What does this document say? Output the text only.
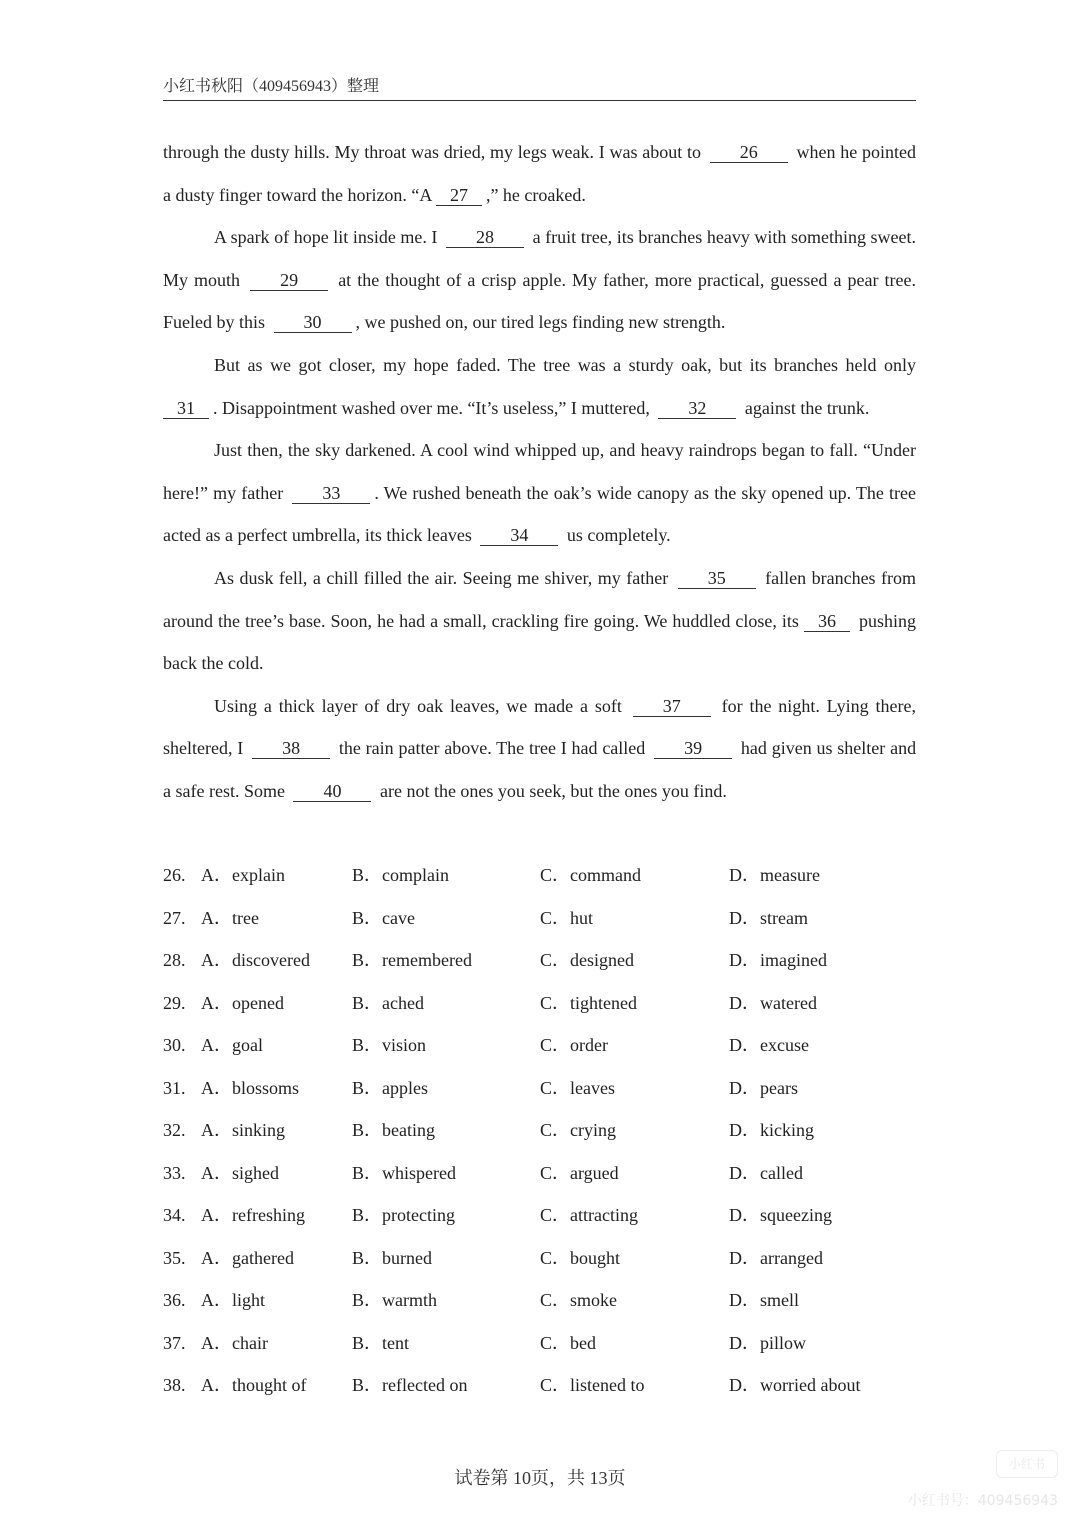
小红书秋阳（409456943）整理

through the dusty hills. My throat was dried, my legs weak. I was about to 26 when he pointed a dusty finger toward the horizon. “A 27 ,” he croaked.

A spark of hope lit inside me. I 28 a fruit tree, its branches heavy with something sweet. My mouth 29 at the thought of a crisp apple. My father, more practical, guessed a pear tree. Fueled by this 30 , we pushed on, our tired legs finding new strength.

But as we got closer, my hope faded. The tree was a sturdy oak, but its branches held only 31 . Disappointment washed over me. “It’s useless,” I muttered, 32 against the trunk.

Just then, the sky darkened. A cool wind whipped up, and heavy raindrops began to fall. “Under here!” my father 33 . We rushed beneath the oak’s wide canopy as the sky opened up. The tree acted as a perfect umbrella, its thick leaves 34 us completely.

As dusk fell, a chill filled the air. Seeing me shiver, my father 35 fallen branches from around the tree’s base. Soon, he had a small, crackling fire going. We huddled close, its 36 pushing back the cold.

Using a thick layer of dry oak leaves, we made a soft 37 for the night. Lying there, sheltered, I 38 the rain patter above. The tree I had called 39 had given us shelter and a safe rest. Some 40 are not the ones you seek, but the ones you find.

26. A．explain	B．complain	C．command	D．measure
27. A．tree	B．cave	C．hut	D．stream
28. A．discovered B．remembered	C．designed	D．imagined
29. A．opened	B．ached	C．tightened	D．watered
30. A．goal	B．vision	C．order	D．excuse
31. A．blossoms	B．apples	C．leaves	D．pears
32. A．sinking	B．beating	C．crying	D．kicking
33. A．sighed	B．whispered	C．argued	D．called
34. A．refreshing	B．protecting	C．attracting	D．squeezing
35. A．gathered	B．burned	C．bought	D．arranged
36. A．light	B．warmth	C．smoke	D．smell
37. A．chair	B．tent	C．bed	D．pillow
38. A．thought of	B．reflected on	C．listened to	D．worried about
试卷第 10页，共 13页
小红书
小红书号：409456943
